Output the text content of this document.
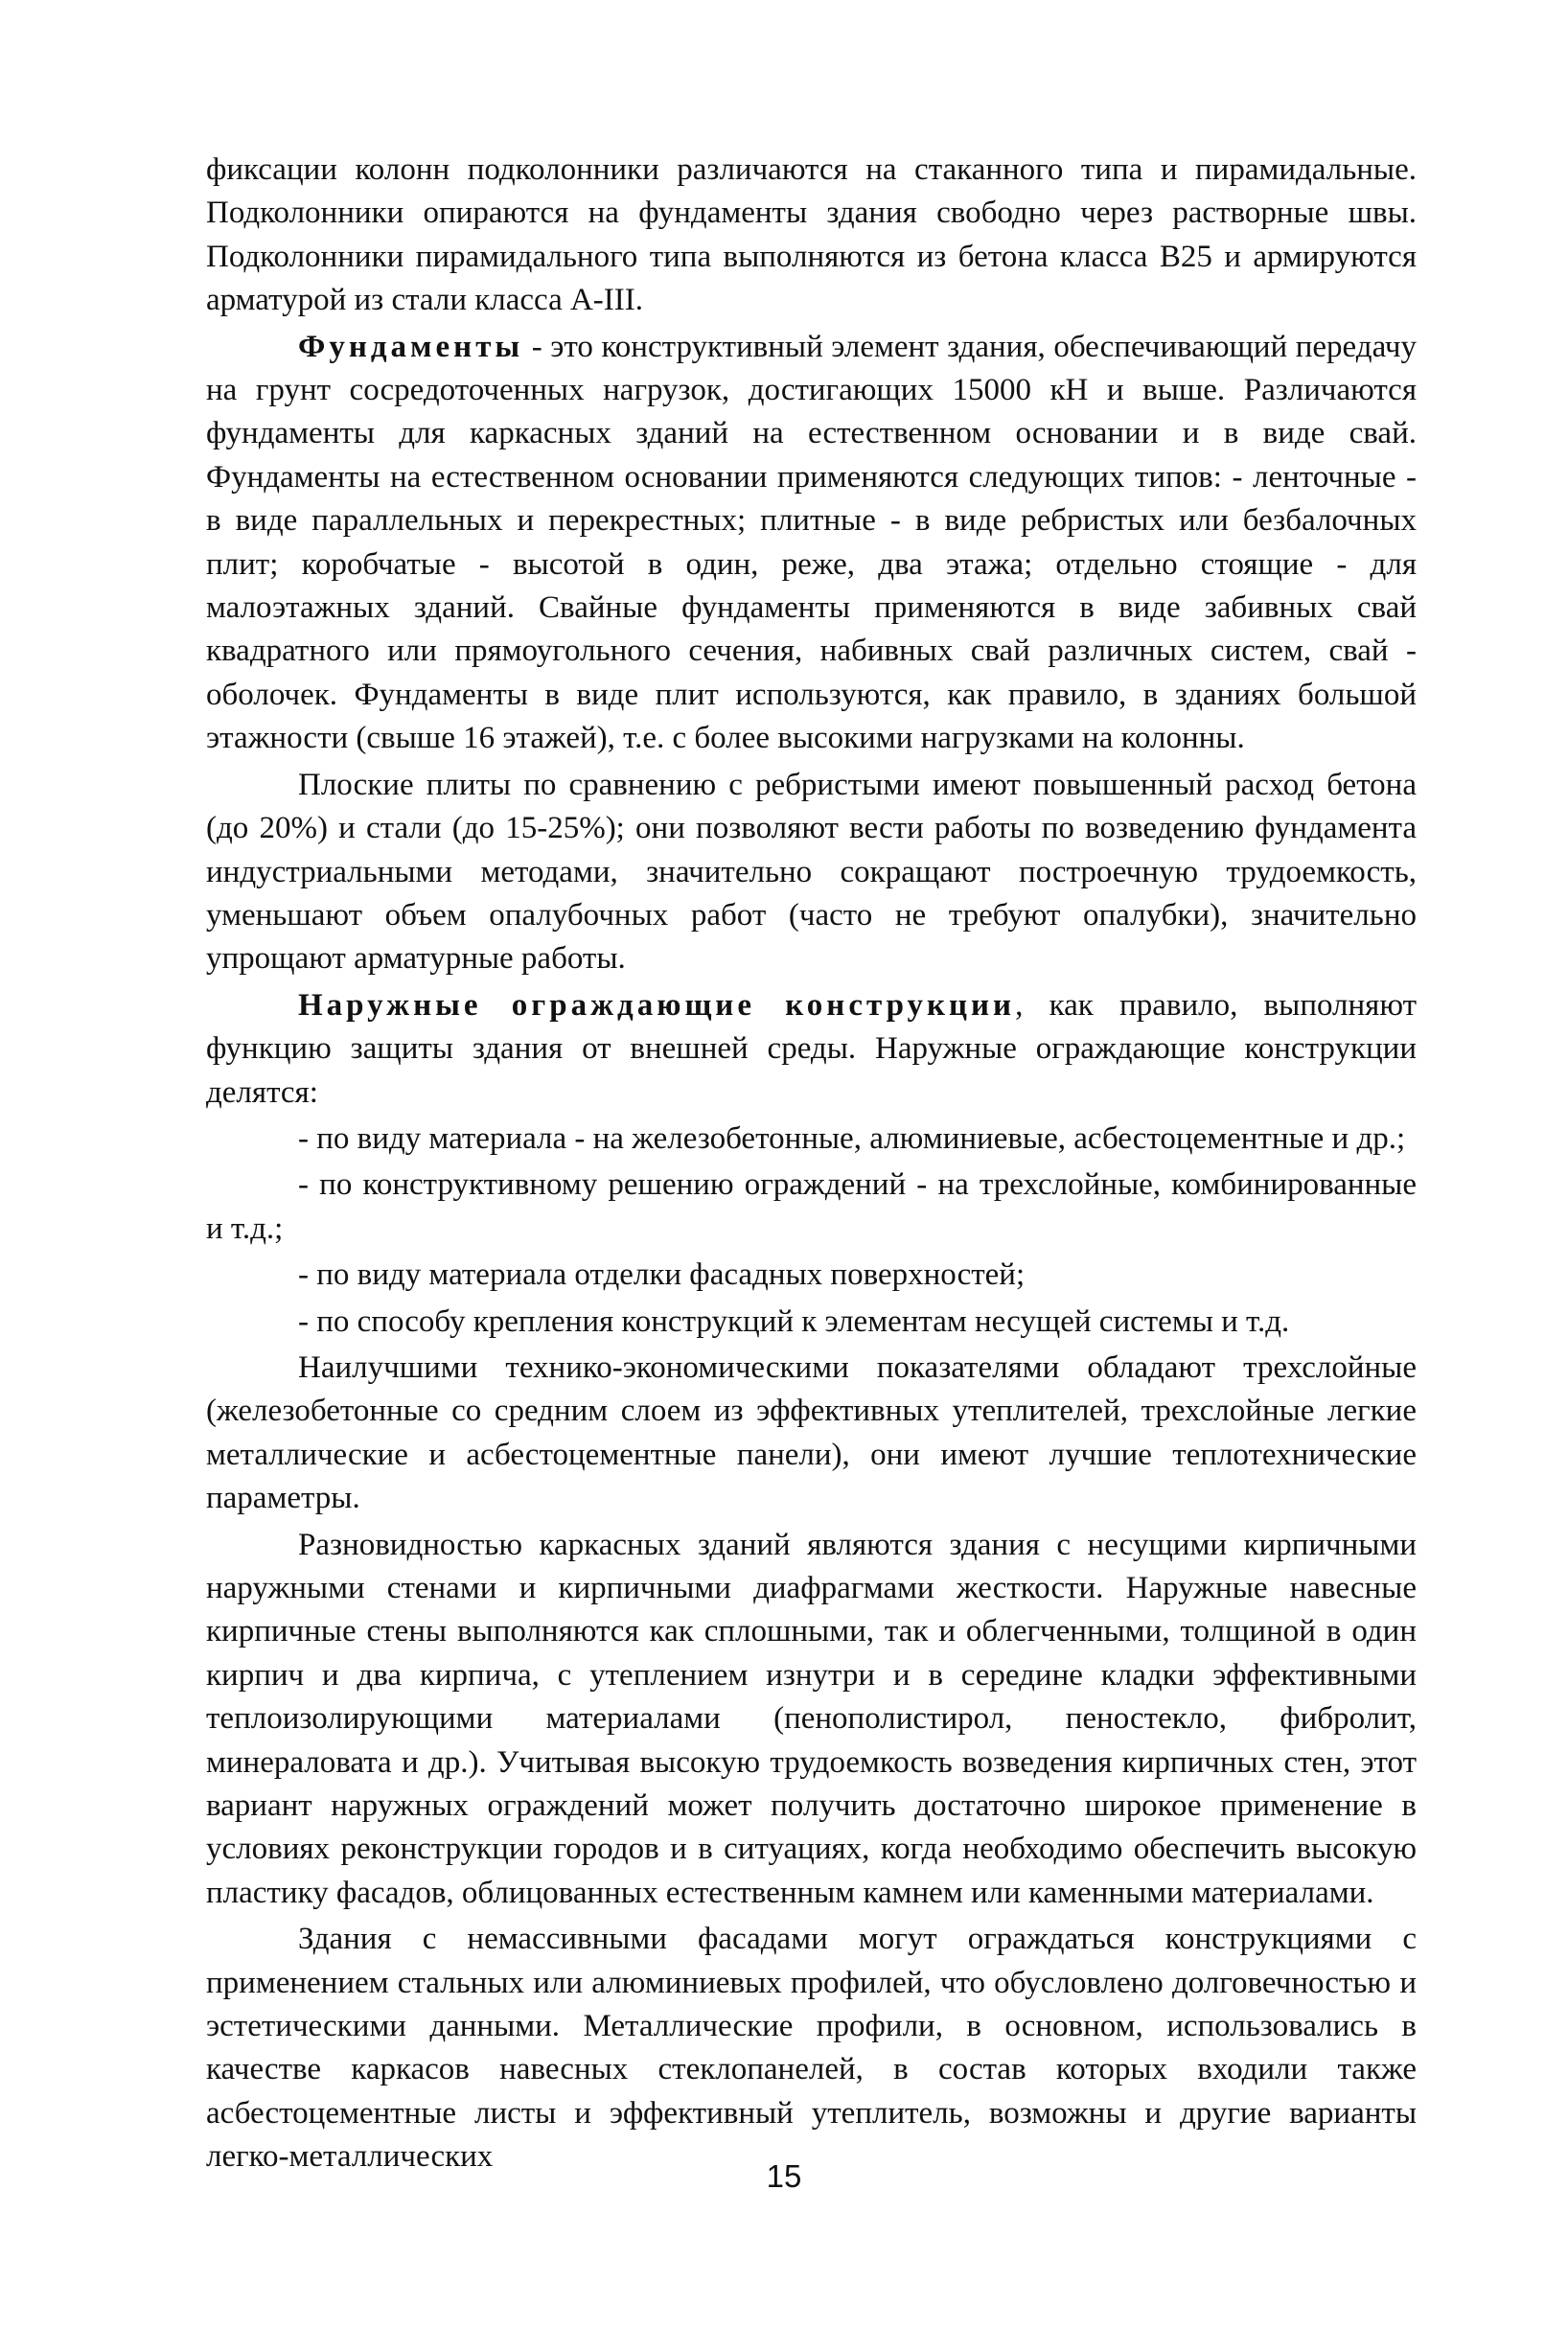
фиксации колонн подколонники различаются на стаканного типа и пирамидальные. Подколонники опираются на фундаменты здания свободно через растворные швы. Подколонники пирамидального типа выполняются из бетона класса В25 и армируются арматурой из стали класса А-III.

Фундаменты - это конструктивный элемент здания, обеспечивающий передачу на грунт сосредоточенных нагрузок, достигающих 15000 кН и выше. Различаются фундаменты для каркасных зданий на естественном основании и в виде свай. Фундаменты на естественном основании применяются следующих типов: - ленточные - в виде параллельных и перекрестных; плитные - в виде ребристых или безбалочных плит; коробчатые - высотой в один, реже, два этажа; отдельно стоящие - для малоэтажных зданий. Свайные фундаменты применяются в виде забивных свай квадратного или прямоугольного сечения, набивных свай различных систем, свай - оболочек. Фундаменты в виде плит используются, как правило, в зданиях большой этажности (свыше 16 этажей), т.е. с более высокими нагрузками на колонны.

Плоские плиты по сравнению с ребристыми имеют повышенный расход бетона (до 20%) и стали (до 15-25%); они позволяют вести работы по возведению фундамента индустриальными методами, значительно сокращают построечную трудоемкость, уменьшают объем опалубочных работ (часто не требуют опалубки), значительно упрощают арматурные работы.

Наружные ограждающие конструкции, как правило, выполняют функцию защиты здания от внешней среды. Наружные ограждающие конструкции делятся:

- по виду материала - на железобетонные, алюминиевые, асбестоцементные и др.;

- по конструктивному решению ограждений - на трехслойные, комбинированные и т.д.;

- по виду материала отделки фасадных поверхностей;

- по способу крепления конструкций к элементам несущей системы и т.д.

Наилучшими технико-экономическими показателями обладают трехслойные (железобетонные со средним слоем из эффективных утеплителей, трехслойные легкие металлические и асбестоцементные панели), они имеют лучшие теплотехнические параметры.

Разновидностью каркасных зданий являются здания с несущими кирпичными наружными стенами и кирпичными диафрагмами жесткости. Наружные навесные кирпичные стены выполняются как сплошными, так и облегченными, толщиной в один кирпич и два кирпича, с утеплением изнутри и в середине кладки эффективными теплоизолирующими материалами (пенополистирол, пеностекло, фибролит, минераловата и др.). Учитывая высокую трудоемкость возведения кирпичных стен, этот вариант наружных ограждений может получить достаточно широкое применение в условиях реконструкции городов и в ситуациях, когда необходимо обеспечить высокую пластику фасадов, облицованных естественным камнем или каменными материалами.

Здания с немассивными фасадами могут ограждаться конструкциями с применением стальных или алюминиевых профилей, что обусловлено долговечностью и эстетическими данными. Металлические профили, в основном, использовались в качестве каркасов навесных стеклопанелей, в состав которых входили также асбестоцементные листы и эффективный утеплитель, возможны и другие варианты легко-металлических

15
